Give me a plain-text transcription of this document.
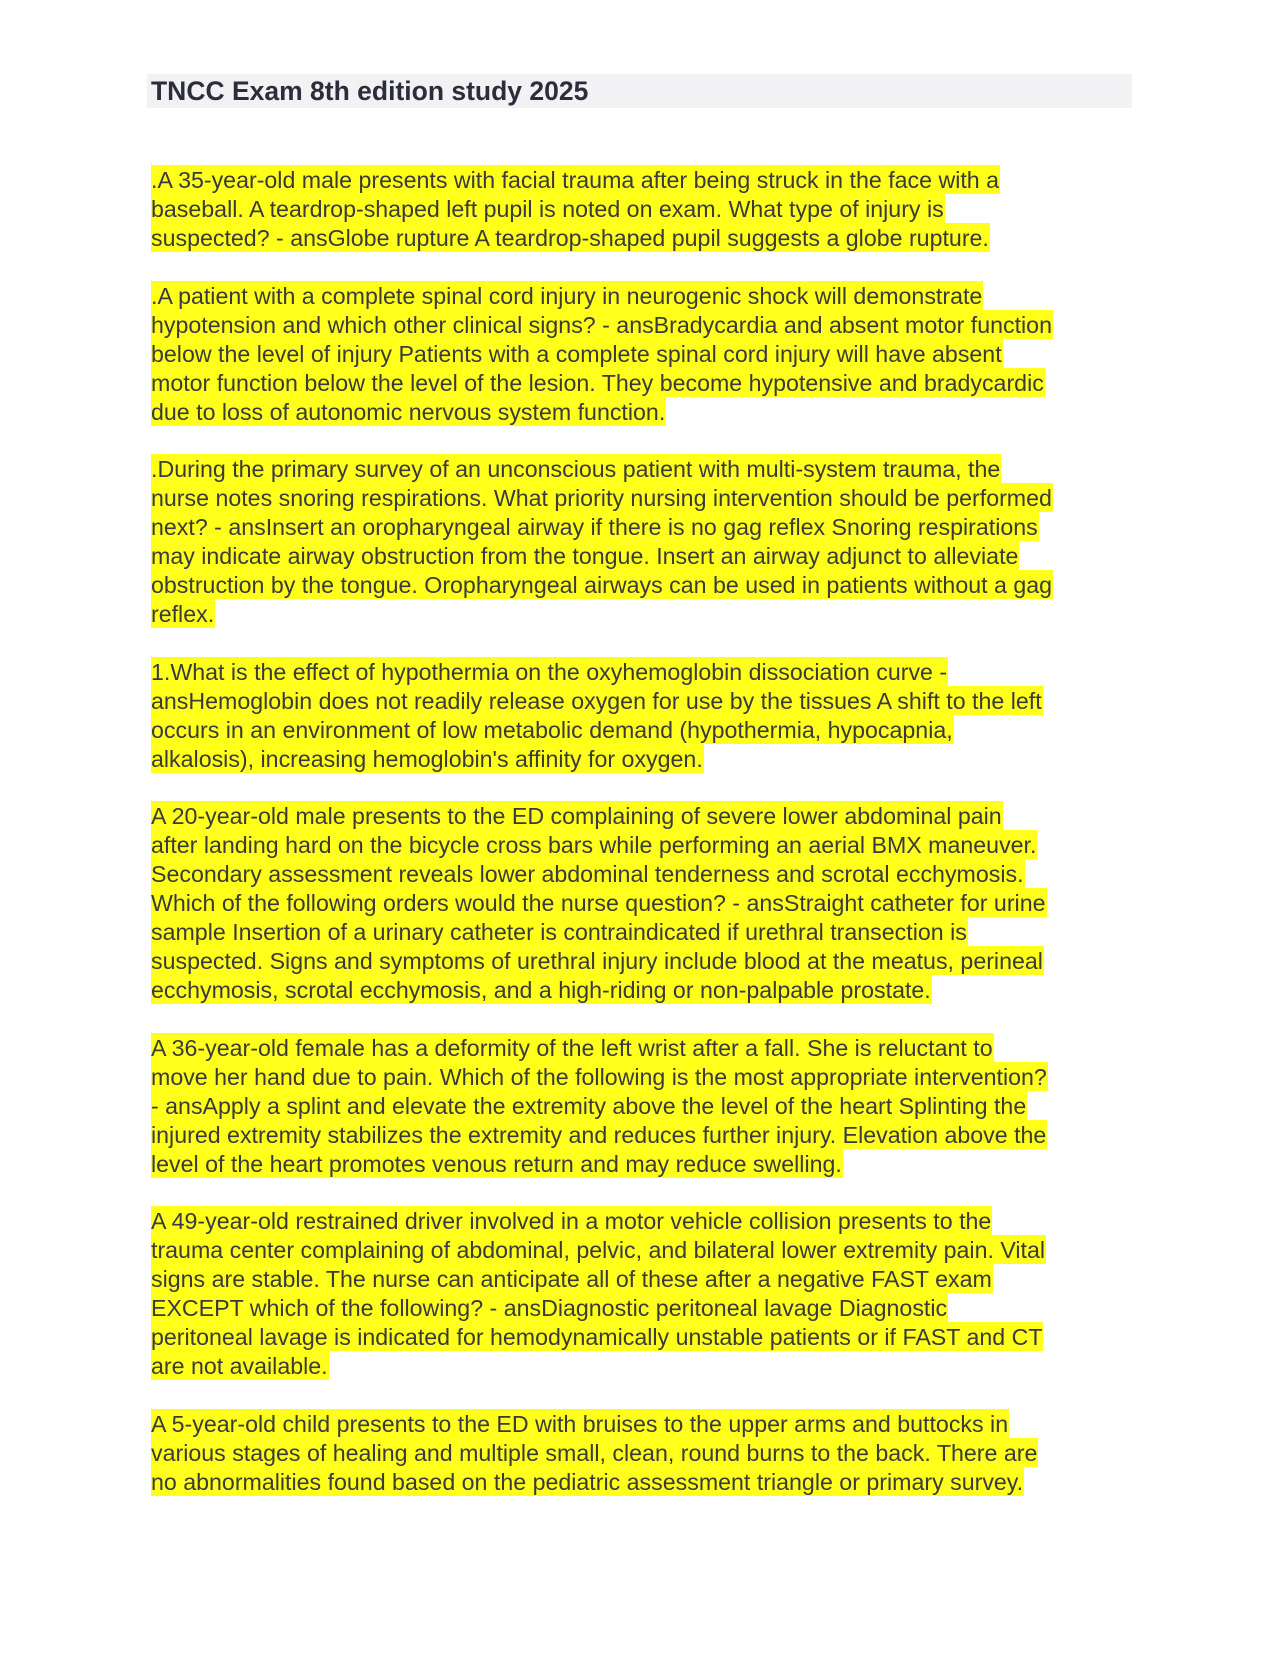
TNCC Exam 8th edition study 2025
.A 35-year-old male presents with facial trauma after being struck in the face with a
baseball. A teardrop-shaped left pupil is noted on exam. What type of injury is
suspected? - ansGlobe rupture A teardrop-shaped pupil suggests a globe rupture.
.A patient with a complete spinal cord injury in neurogenic shock will demonstrate
hypotension and which other clinical signs? - ansBradycardia and absent motor function
below the level of injury Patients with a complete spinal cord injury will have absent
motor function below the level of the lesion. They become hypotensive and bradycardic
due to loss of autonomic nervous system function.
.During the primary survey of an unconscious patient with multi-system trauma, the
nurse notes snoring respirations. What priority nursing intervention should be performed
next? - ansInsert an oropharyngeal airway if there is no gag reflex Snoring respirations
may indicate airway obstruction from the tongue. Insert an airway adjunct to alleviate
obstruction by the tongue. Oropharyngeal airways can be used in patients without a gag
reflex.
1.What is the effect of hypothermia on the oxyhemoglobin dissociation curve -
ansHemoglobin does not readily release oxygen for use by the tissues A shift to the left
occurs in an environment of low metabolic demand (hypothermia, hypocapnia,
alkalosis), increasing hemoglobin's affinity for oxygen.
A 20-year-old male presents to the ED complaining of severe lower abdominal pain
after landing hard on the bicycle cross bars while performing an aerial BMX maneuver.
Secondary assessment reveals lower abdominal tenderness and scrotal ecchymosis.
Which of the following orders would the nurse question? - ansStraight catheter for urine
sample Insertion of a urinary catheter is contraindicated if urethral transection is
suspected. Signs and symptoms of urethral injury include blood at the meatus, perineal
ecchymosis, scrotal ecchymosis, and a high-riding or non-palpable prostate.
A 36-year-old female has a deformity of the left wrist after a fall. She is reluctant to
move her hand due to pain. Which of the following is the most appropriate intervention?
- ansApply a splint and elevate the extremity above the level of the heart Splinting the
injured extremity stabilizes the extremity and reduces further injury. Elevation above the
level of the heart promotes venous return and may reduce swelling.
A 49-year-old restrained driver involved in a motor vehicle collision presents to the
trauma center complaining of abdominal, pelvic, and bilateral lower extremity pain. Vital
signs are stable. The nurse can anticipate all of these after a negative FAST exam
EXCEPT which of the following? - ansDiagnostic peritoneal lavage Diagnostic
peritoneal lavage is indicated for hemodynamically unstable patients or if FAST and CT
are not available.
A 5-year-old child presents to the ED with bruises to the upper arms and buttocks in
various stages of healing and multiple small, clean, round burns to the back. There are
no abnormalities found based on the pediatric assessment triangle or primary survey.
